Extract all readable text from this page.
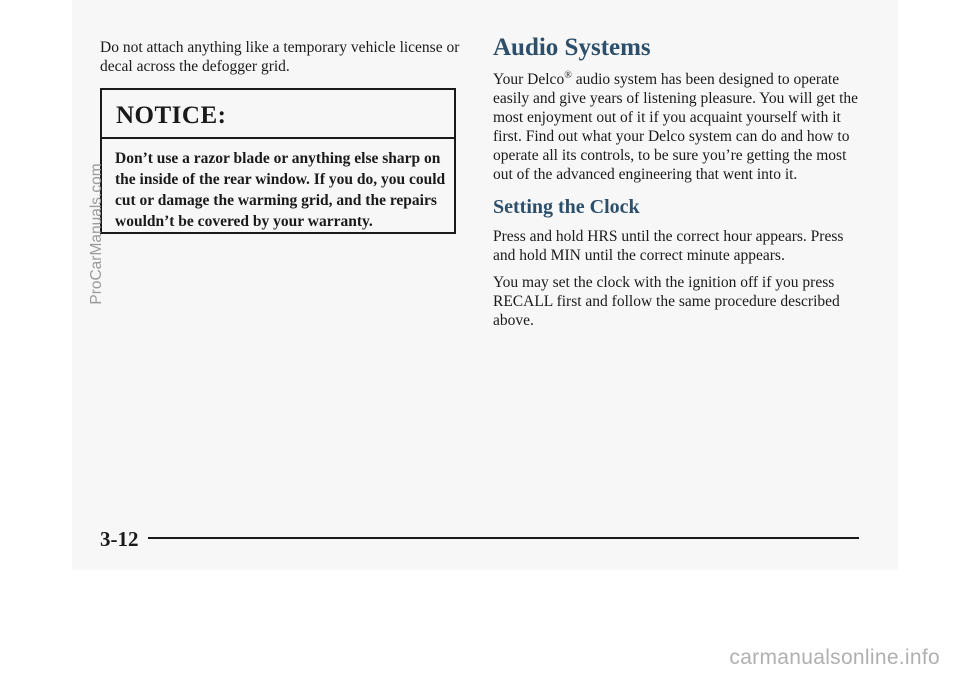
Do not attach anything like a temporary vehicle license or decal across the defogger grid.

NOTICE:

Don’t use a razor blade or anything else sharp on the inside of the rear window. If you do, you could cut or damage the warming grid, and the repairs wouldn’t be covered by your warranty.

Audio Systems

Your Delco® audio system has been designed to operate easily and give years of listening pleasure. You will get the most enjoyment out of it if you acquaint yourself with it first. Find out what your Delco system can do and how to operate all its controls, to be sure you’re getting the most out of the advanced engineering that went into it.

Setting the Clock

Press and hold HRS until the correct hour appears. Press and hold MIN until the correct minute appears.

You may set the clock with the ignition off if you press RECALL first and follow the same procedure described above.

3-12

ProCarManuals.com

carmanualsonline.info
